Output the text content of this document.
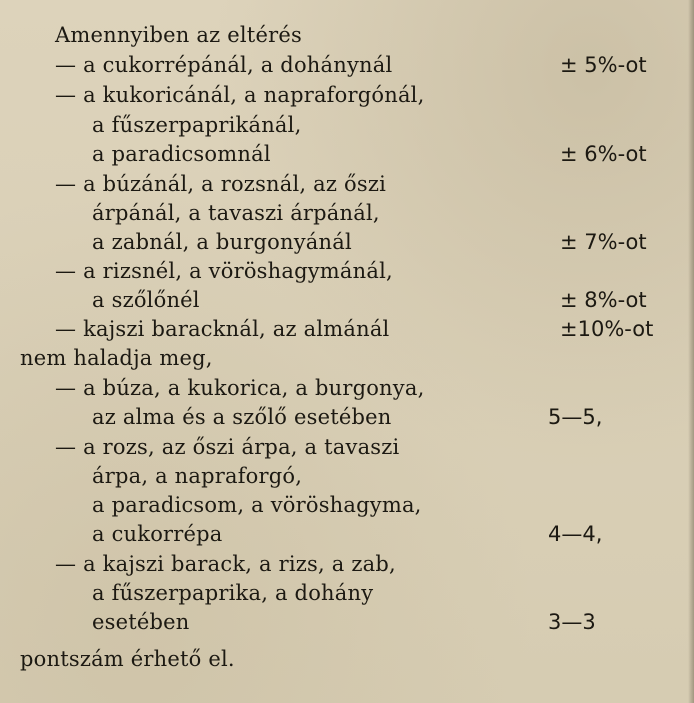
Amennyiben az eltérés
— a cukorrépánál, a dohánynál	± 5%-ot
— a kukoricánál, a napraforgónál,
a fűszerpaprikánál,
a paradicsomnál	± 6%-ot
— a búzánál, a rozsnál, az őszi
árpánál, a tavaszi árpánál,
a zabnál, a burgonyánál	± 7%-ot
— a rizsnél, a vöröshagymánál,
a szőlőnél	± 8%-ot
— kajszi baracknál, az almánál	±10%-ot
nem haladja meg,
— a búza, a kukorica, a burgonya,
az alma és a szőlő esetében	5—5,
— a rozs, az őszi árpa, a tavaszi
árpa, a napraforgó,
a paradicsom, a vöröshagyma,
a cukorrépa	4—4,
— a kajszi barack, a rizs, a zab,
a fűszerpaprika, a dohány
esetében	3—3
pontszám érhető el.
